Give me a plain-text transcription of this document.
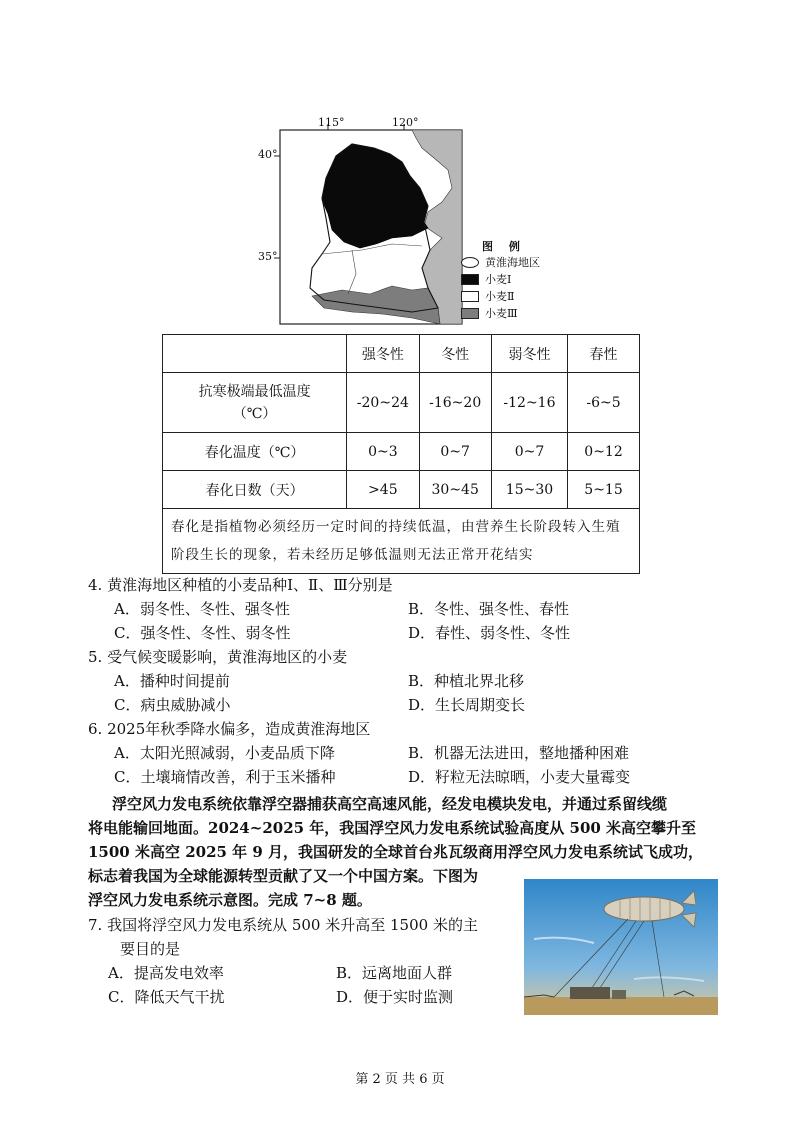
115°	120°
40°
35°
图 例
黄淮海地区
小麦Ⅰ
小麦Ⅱ
小麦Ⅲ
	强冬性	冬性	弱冬性	春性
抗寒极端最低温度（℃）	-20~24	-16~20	-12~16	-6~5
春化温度（℃）	0~3	0~7	0~7	0~12
春化日数（天）	>45	30~45	15~30	5~15
春化是指植物必须经历一定时间的持续低温，由营养生长阶段转入生殖阶段生长的现象，若未经历足够低温则无法正常开花结实				
4. 黄淮海地区种植的小麦品种Ⅰ、Ⅱ、Ⅲ分别是
A．弱冬性、冬性、强冬性	B．冬性、强冬性、春性
C．强冬性、冬性、弱冬性	D．春性、弱冬性、冬性
5. 受气候变暖影响，黄淮海地区的小麦
A．播种时间提前	B．种植北界北移
C．病虫威胁减小	D．生长周期变长
6. 2025年秋季降水偏多，造成黄淮海地区
A．太阳光照减弱，小麦品质下降	B．机器无法进田，整地播种困难
C．土壤墒情改善，利于玉米播种	D．籽粒无法晾晒，小麦大量霉变
浮空风力发电系统依靠浮空器捕获高空高速风能，经发电模块发电，并通过系留线缆
将电能输回地面。2024~2025 年，我国浮空风力发电系统试验高度从 500 米高空攀升至
1500 米高空 2025 年 9 月，我国研发的全球首台兆瓦级商用浮空风力发电系统试飞成功，
标志着我国为全球能源转型贡献了又一个中国方案。下图为
浮空风力发电系统示意图。完成 7~8 题。
7. 我国将浮空风力发电系统从 500 米升高至 1500 米的主
要目的是
A．提高发电效率	B．远离地面人群
C．降低天气干扰	D．便于实时监测
第 2 页 共 6 页
